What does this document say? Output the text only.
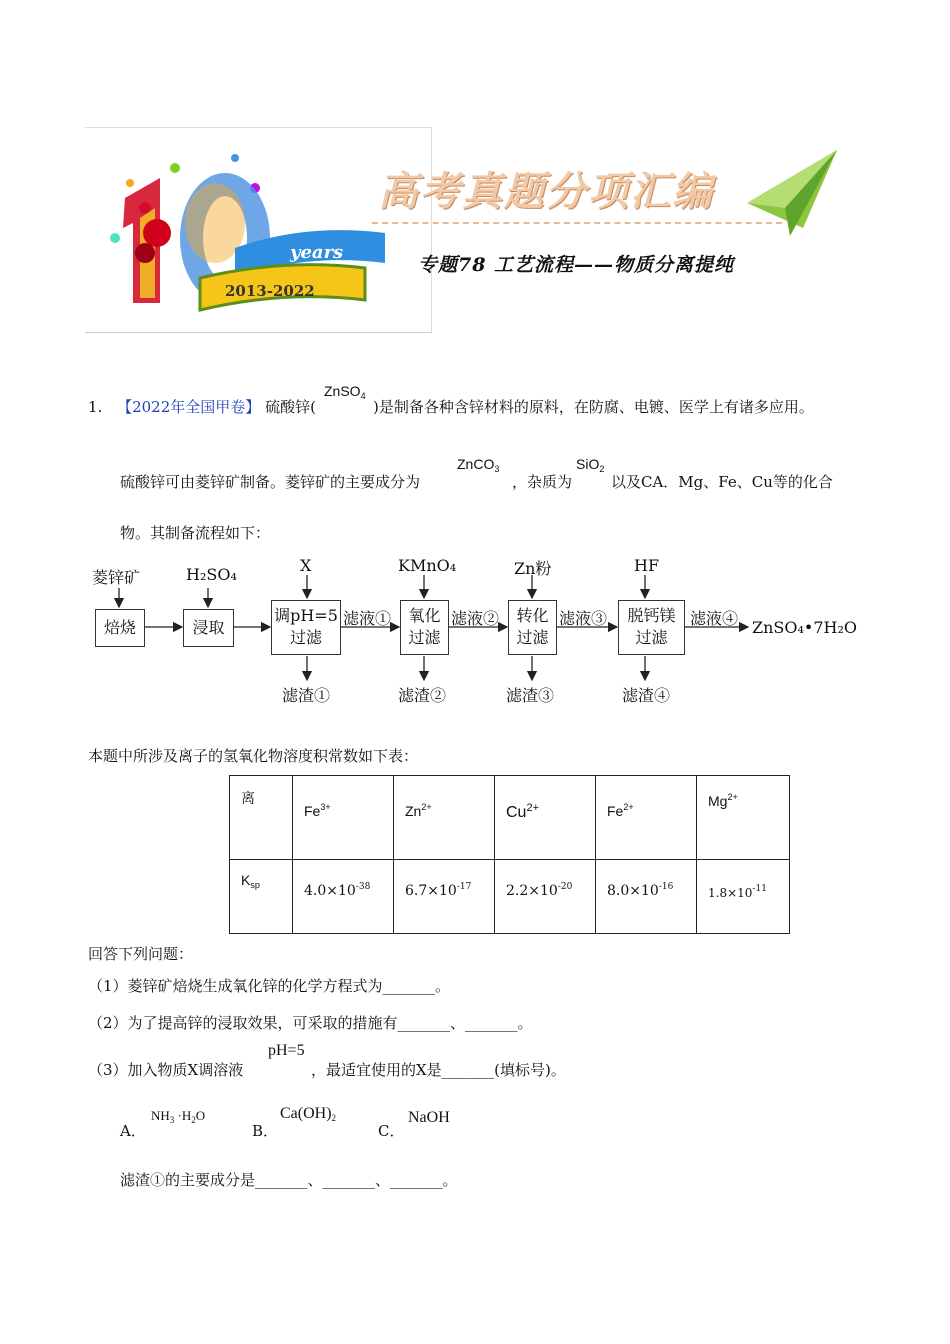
years
2013-2022
高考真题分项汇编
专题78 工艺流程——物质分离提纯
1. 【2022年全国甲卷】 硫酸锌(
ZnSO$_4$
)是制备各种含锌材料的原料，在防腐、电镀、医学上有诸多应用。
硫酸锌可由菱锌矿制备。菱锌矿的主要成分为
ZnCO$_3$
，杂质为
SiO$_2$
以及CA．Mg、Fe、Cu等的化合
物。其制备流程如下：
菱锌矿
焙烧
H₂SO₄
浸取
X
调pH=5
过滤
滤液①
KMnO₄
氧化
过滤
滤液②
Zn粉
转化
过滤
滤液③
HF
脱钙镁
过滤
滤液④ ZnSO₄•7H₂O
滤渣①	滤渣②	滤渣③	滤渣④
本题中所涉及离子的氢氧化物溶度积常数如下表：
离	$Fe^{3+}$	$Zn^{2+}$	$Cu^{2+}$	$Fe^{2+}$	$Mg^{2+}$
$K_{sp}$	$4.0\times 10^{-38}$	$6.7\times 10^{-17}$	$2.2\times 10^{-20}$	$8.0\times 10^{-16}$	$1.8\times 10^{-11}$
回答下列问题：
（1）菱锌矿焙烧生成氧化锌的化学方程式为_______。
（2）为了提高锌的浸取效果，可采取的措施有_______、_______。
（3）加入物质X调溶液
pH=5
，最适宜使用的X是_______(填标号)。
A．
$NH_3 \cdot H_2O$
B．
$Ca(OH)_2$
C．
NaOH
滤渣①的主要成分是_______、_______、_______。
